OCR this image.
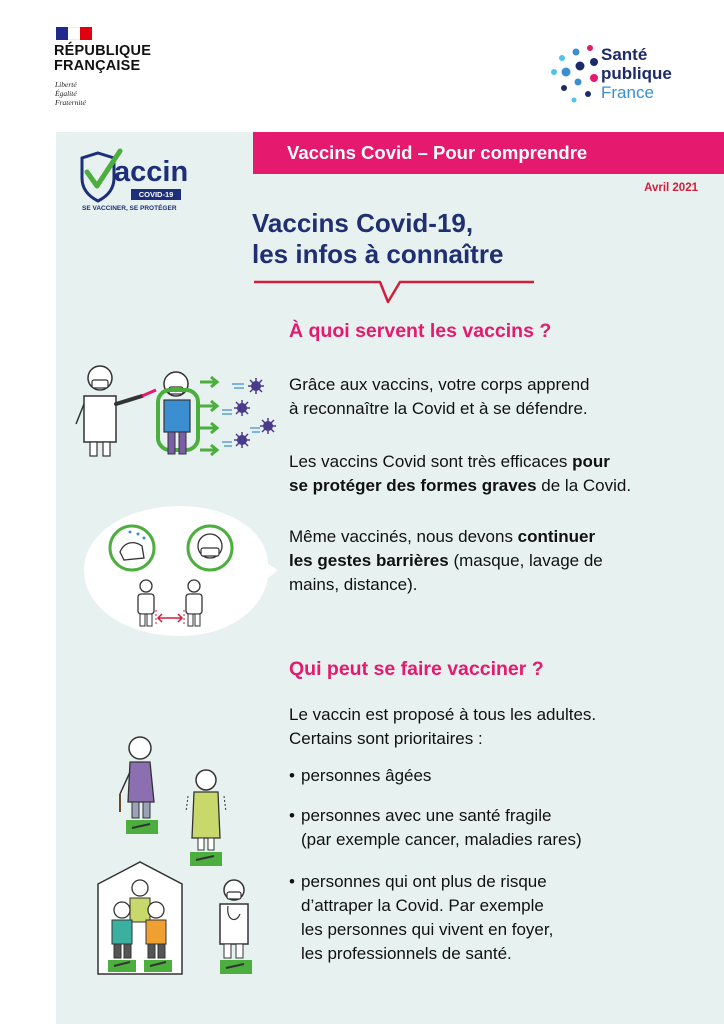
RÉPUBLIQUE
FRANÇAISE
Liberté
Égalité
Fraternité
Santé
publique
France
Vaccins Covid – Pour comprendre
Avril 2021
accin
COVID-19
SE VACCINER, SE PROTÉGER	Vaccins Covid-19,
les infos à connaître
À quoi servent les vaccins ?
Grâce aux vaccins, votre corps apprend
à reconnaître la Covid et à se défendre.
Les vaccins Covid sont très efficaces pour
se protéger des formes graves de la Covid.
Même vaccinés, nous devons continuer
les gestes barrières (masque, lavage de
mains, distance).
Qui peut se faire vacciner ?
Le vaccin est proposé à tous les adultes.
Certains sont prioritaires :
• personnes âgées
• personnes avec une santé fragile
(par exemple cancer, maladies rares)
• personnes qui ont plus de risque
d’attraper la Covid. Par exemple
les personnes qui vivent en foyer,
les professionnels de santé.
